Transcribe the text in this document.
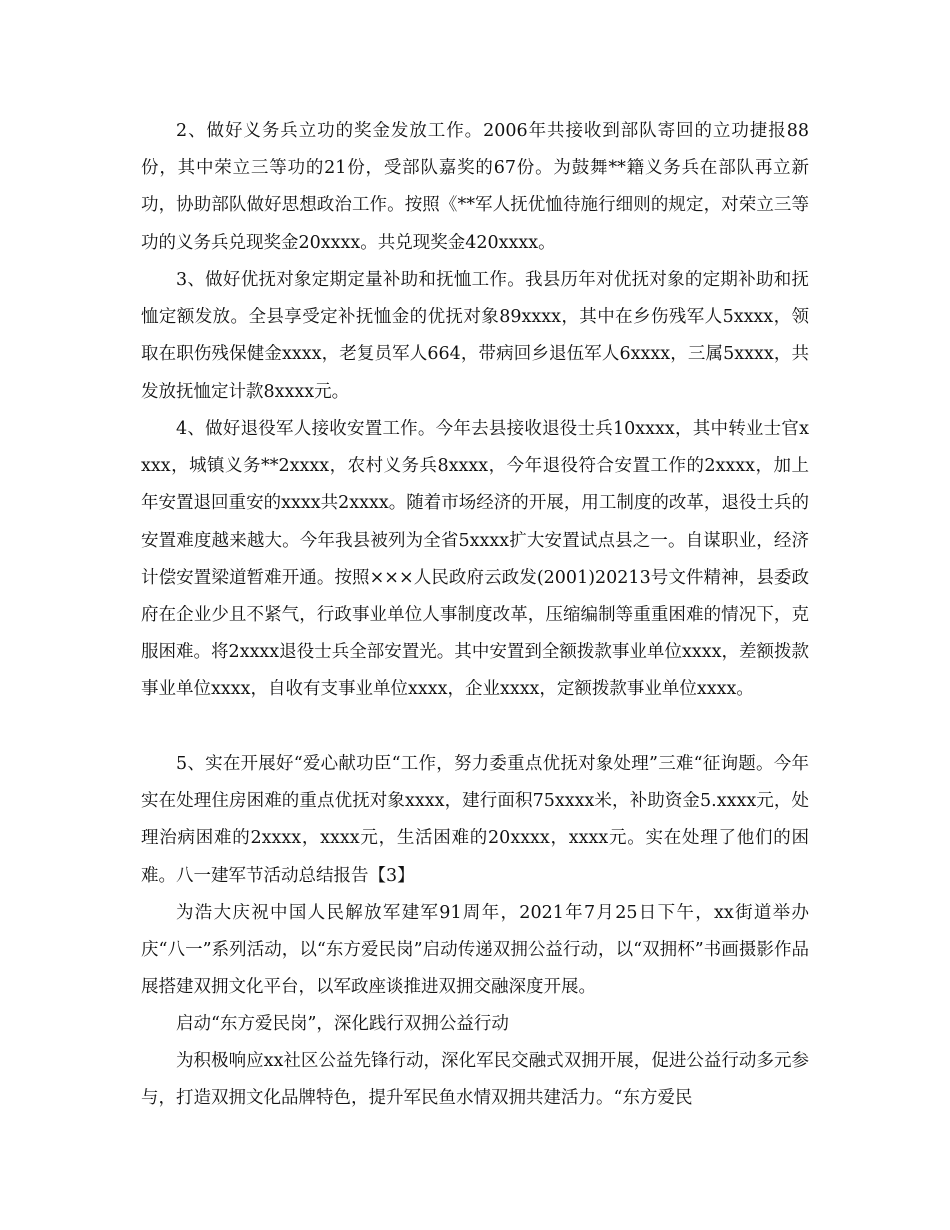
2、做好义务兵立功的奖金发放工作。2006年共接收到部队寄回的立功捷报88份，其中荣立三等功的21份，受部队嘉奖的67份。为鼓舞**籍义务兵在部队再立新功，协助部队做好思想政治工作。按照《**军人抚优恤待施行细则的规定，对荣立三等功的义务兵兑现奖金20xxxx。共兑现奖金420xxxx。

3、做好优抚对象定期定量补助和抚恤工作。我县历年对优抚对象的定期补助和抚恤定额发放。全县享受定补抚恤金的优抚对象89xxxx，其中在乡伤残军人5xxxx，领取在职伤残保健金xxxx，老复员军人664，带病回乡退伍军人6xxxx，三属5xxxx，共发放抚恤定计款8xxxx元。

4、做好退役军人接收安置工作。今年去县接收退役士兵10xxxx，其中转业士官xxxx，城镇义务**2xxxx，农村义务兵8xxxx，今年退役符合安置工作的2xxxx，加上年安置退回重安的xxxx共2xxxx。随着市场经济的开展，用工制度的改革，退役士兵的安置难度越来越大。今年我县被列为全省5xxxx扩大安置试点县之一。自谋职业，经济计偿安置梁道暂难开通。按照×××人民政府云政发(2001)20213号文件精神，县委政府在企业少且不紧气，行政事业单位人事制度改革，压缩编制等重重困难的情况下，克服困难。将2xxxx退役士兵全部安置光。其中安置到全额拨款事业单位xxxx，差额拨款事业单位xxxx，自收有支事业单位xxxx，企业xxxx，定额拨款事业单位xxxx。

5、实在开展好“爱心献功臣“工作，努力委重点优抚对象处理”三难“征询题。今年实在处理住房困难的重点优抚对象xxxx，建行面积75xxxx米，补助资金5.xxxx元，处理治病困难的2xxxx，xxxx元，生活困难的20xxxx，xxxx元。实在处理了他们的困难。 八一建军节活动总结报告【3】

为浩大庆祝中国人民解放军建军91周年，2021年7月25日下午，xx街道举办庆“八一”系列活动，以“东方爱民岗”启动传递双拥公益行动，以“双拥杯”书画摄影作品展搭建双拥文化平台，以军政座谈推进双拥交融深度开展。

启动“东方爱民岗”，深化践行双拥公益行动

为积极响应xx社区公益先锋行动，深化军民交融式双拥开展，促进公益行动多元参与，打造双拥文化品牌特色，提升军民鱼水情双拥共建活力。“东方爱民
